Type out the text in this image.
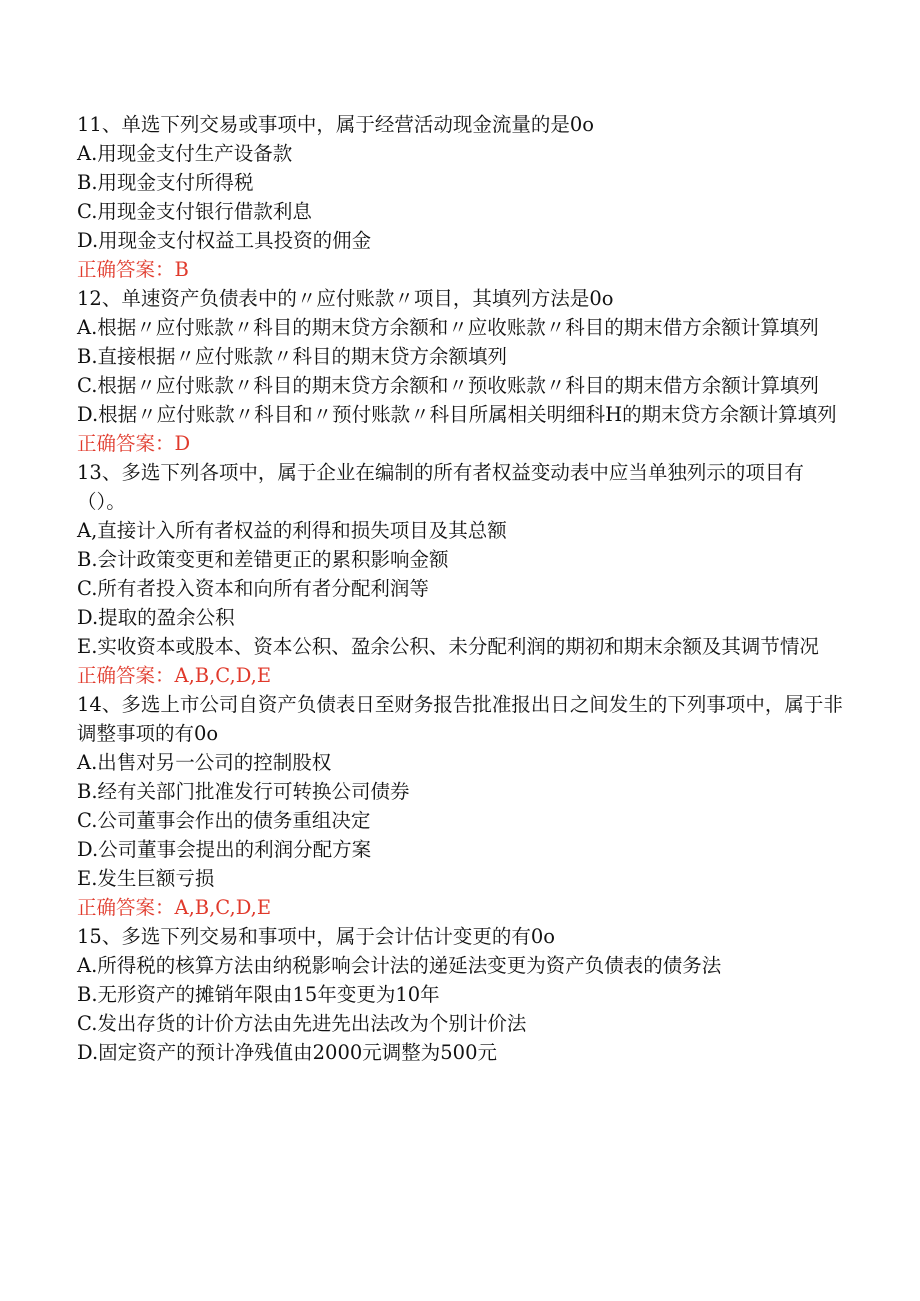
11、单选下列交易或事项中，属于经营活动现金流量的是0o
A.用现金支付生产设备款
B.用现金支付所得税
C.用现金支付银行借款利息
D.用现金支付权益工具投资的佣金
正确答案：B
12、单速资产负债表中的〃应付账款〃项目，其填列方法是0o
A.根据〃应付账款〃科目的期末贷方余额和〃应收账款〃科目的期末借方余额计算填列
B.直接根据〃应付账款〃科目的期末贷方余额填列
C.根据〃应付账款〃科目的期末贷方余额和〃预收账款〃科目的期末借方余额计算填列
D.根据〃应付账款〃科目和〃预付账款〃科目所属相关明细科H的期末贷方余额计算填列
正确答案：D
13、多选下列各项中，属于企业在编制的所有者权益变动表中应当单独列示的项目有（）。
A,直接计入所有者权益的利得和损失项目及其总额
B.会计政策变更和差错更正的累积影响金额
C.所有者投入资本和向所有者分配利润等
D.提取的盈余公积
E.实收资本或股本、资本公积、盈余公积、未分配利润的期初和期末余额及其调节情况
正确答案：A,B,C,D,E
14、多选上市公司自资产负债表日至财务报告批准报出日之间发生的下列事项中，属于非调整事项的有0o
A.出售对另一公司的控制股权
B.经有关部门批准发行可转换公司债券
C.公司董事会作出的债务重组决定
D.公司董事会提出的利润分配方案
E.发生巨额亏损
正确答案：A,B,C,D,E
15、多选下列交易和事项中，属于会计估计变更的有0o
A.所得税的核算方法由纳税影响会计法的递延法变更为资产负债表的债务法
B.无形资产的摊销年限由15年变更为10年
C.发出存货的计价方法由先进先出法改为个别计价法
D.固定资产的预计净残值由2000元调整为500元
